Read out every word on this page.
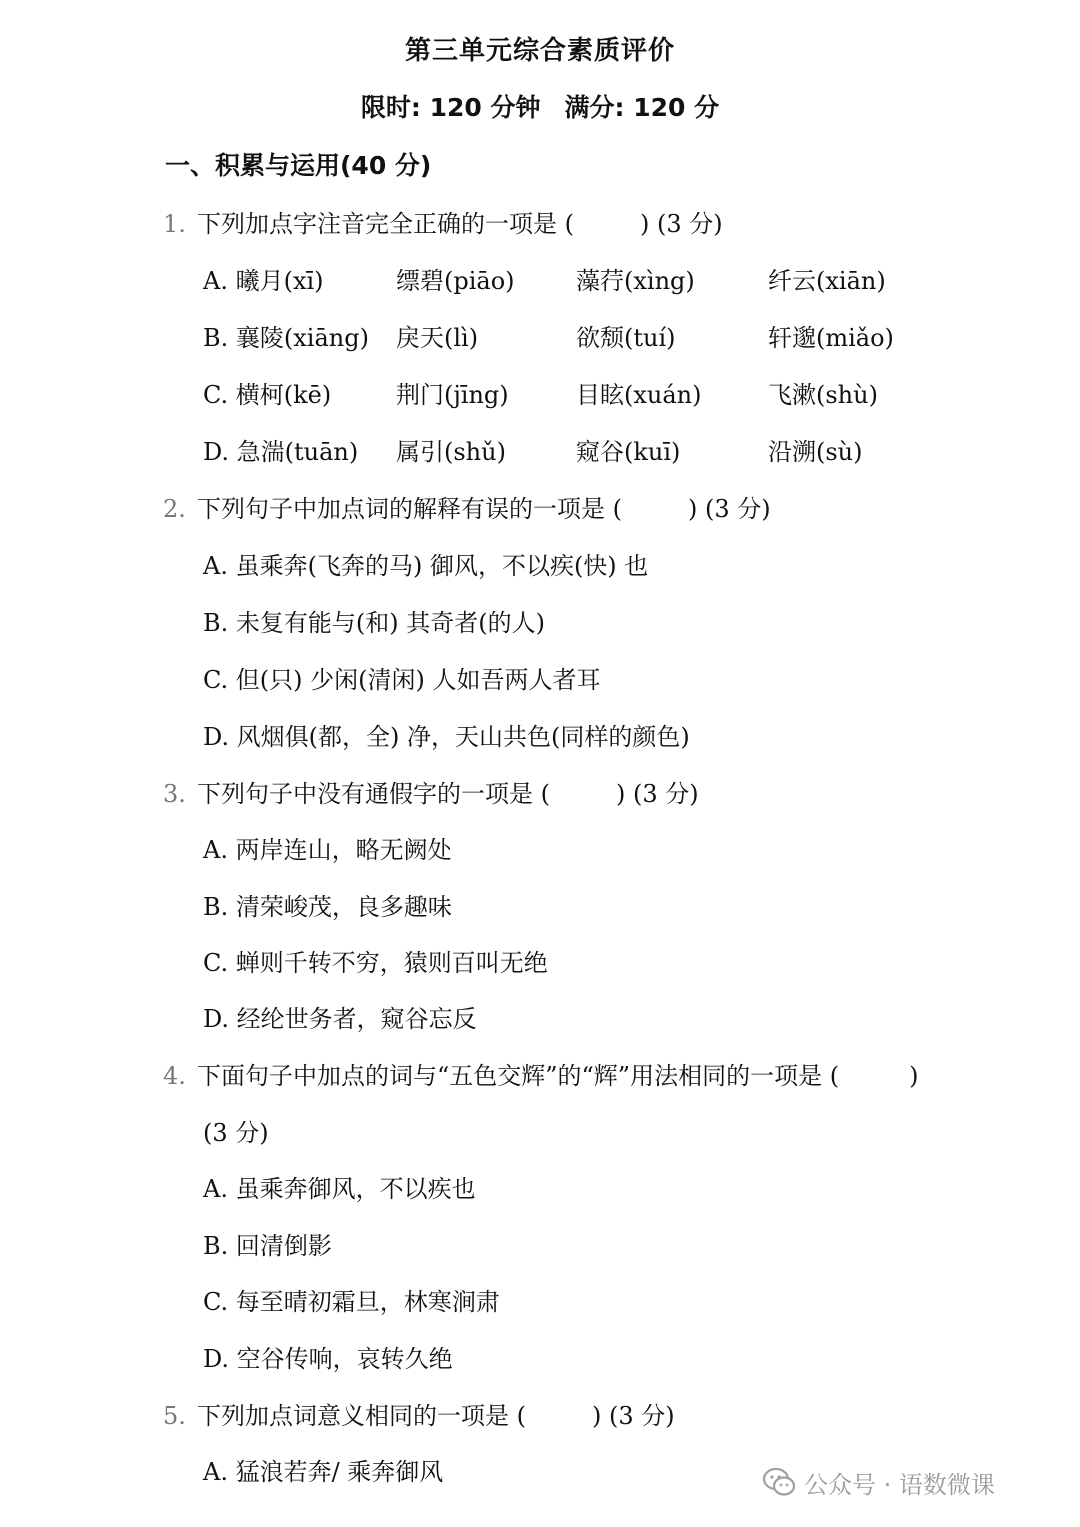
第三单元综合素质评价
限时: 120 分钟 满分: 120 分
一、积累与运用(40 分)
1. 下列加点字注音完全正确的一项是 (	) (3 分)
A. 曦月(xī)	缥碧(piāo)	藻荇(xìng)	纤云(xiān)
B. 襄陵(xiāng) 戾天(lì)	欲颓(tuí)	轩邈(miǎo)
C. 横柯(kē)	荆门(jīng)	目眩(xuán)	飞漱(shù)
D. 急湍(tuān) 属引(shǔ)	窥谷(kuī)	沿溯(sù)
2. 下列句子中加点词的解释有误的一项是 (	) (3 分)
A. 虽乘奔(飞奔的马) 御风，不以疾(快) 也
B. 未复有能与(和) 其奇者(的人)
C. 但(只) 少闲(清闲) 人如吾两人者耳
D. 风烟俱(都，全) 净，天山共色(同样的颜色)
3. 下列句子中没有通假字的一项是 (	) (3 分)
A. 两岸连山，略无阙处
B. 清荣峻茂，良多趣味
C. 蝉则千转不穷，猿则百叫无绝
D. 经纶世务者，窥谷忘反
4. 下面句子中加点的词与“五色交辉”的“辉”用法相同的一项是 (	)
(3 分)
A. 虽乘奔御风，不以疾也
B. 回清倒影
C. 每至晴初霜旦，林寒涧肃
D. 空谷传响，哀转久绝
5. 下列加点词意义相同的一项是 (	) (3 分)
A. 猛浪若奔/ 乘奔御风	公众号 · 语数微课
